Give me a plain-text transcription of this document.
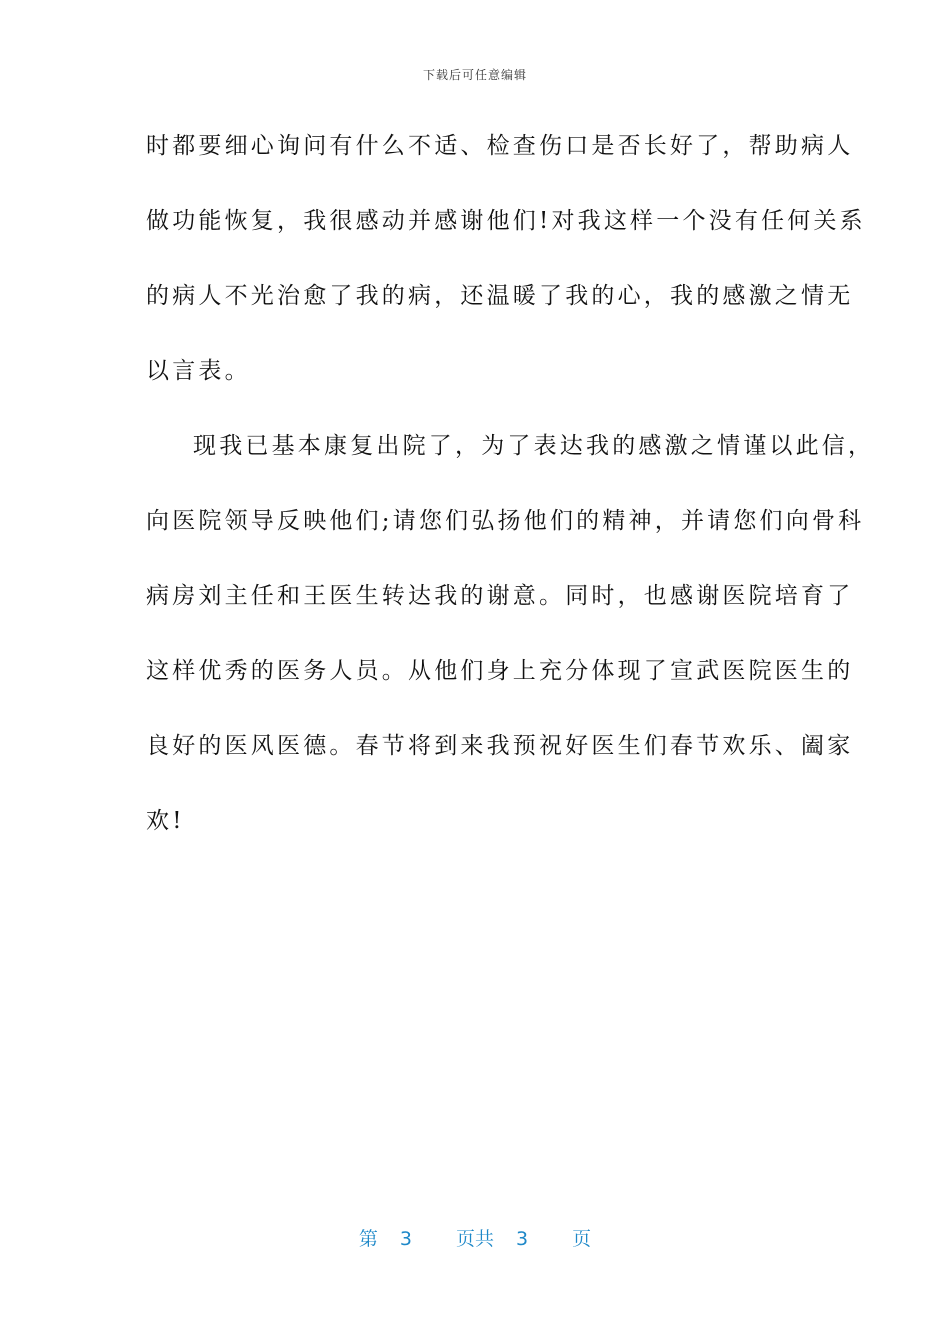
下载后可任意编辑
时都要细心询问有什么不适、检查伤口是否长好了，帮助病人
做功能恢复，我很感动并感谢他们!对我这样一个没有任何关系
的病人不光治愈了我的病，还温暖了我的心，我的感激之情无
以言表。
现我已基本康复出院了，为了表达我的感激之情谨以此信，
向医院领导反映他们;请您们弘扬他们的精神，并请您们向骨科
病房刘主任和王医生转达我的谢意。同时，也感谢医院培育了
这样优秀的医务人员。从他们身上充分体现了宣武医院医生的
良好的医风医德。春节将到来我预祝好医生们春节欢乐、阖家
欢!
第 3 页共 3 页
